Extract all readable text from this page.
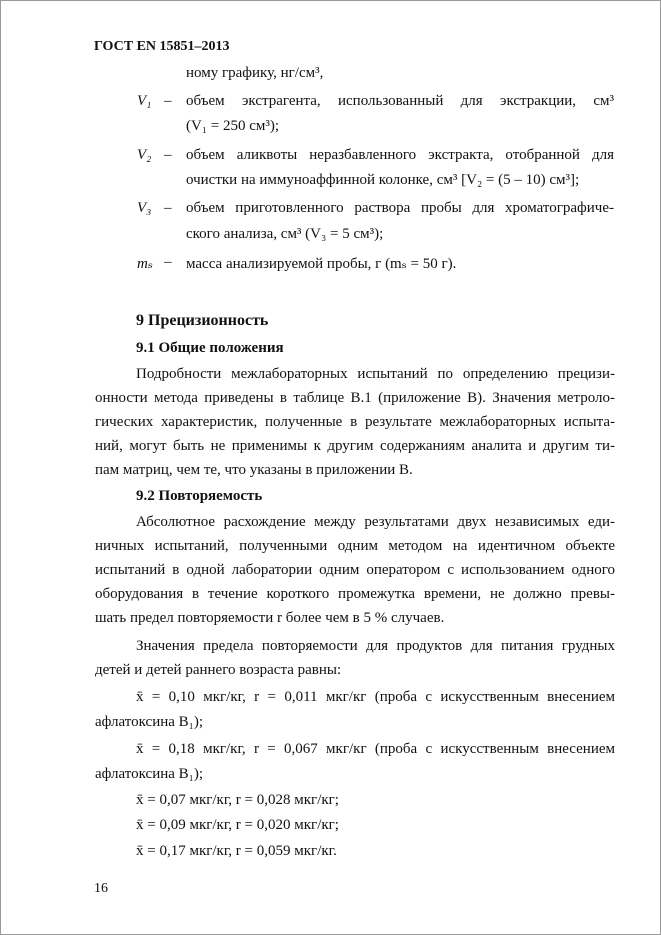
ГОСТ EN 15851–2013
ному графику, нг/см³,
V₁ – объем экстрагента, использованный для экстракции, см³
(V₁ = 250 см³);
V₂ – объем аликвоты неразбавленного экстракта, отобранной для
очистки на иммуноаффинной колонке, см³ [V₂ = (5 – 10) см³];
V₃ – объем приготовленного раствора пробы для хроматографиче-
ского анализа, см³ (V₃ = 5 см³);
mₛ – масса анализируемой пробы, г (mₛ = 50 г).
9 Прецизионность
9.1 Общие положения
Подробности межлабораторных испытаний по определению прецизи-
онности метода приведены в таблице В.1 (приложение В). Значения метроло-
гических характеристик, полученные в результате межлабораторных испыта-
ний, могут быть не применимы к другим содержаниям аналита и другим ти-
пам матриц, чем те, что указаны в приложении В.
9.2 Повторяемость
Абсолютное расхождение между результатами двух независимых еди-
ничных испытаний, полученными одним методом на идентичном объекте
испытаний в одной лаборатории одним оператором с использованием одного
оборудования в течение короткого промежутка времени, не должно превы-
шать предел повторяемости r более чем в 5 % случаев.
Значения предела повторяемости для продуктов для питания грудных
детей и детей раннего возраста равны:
x̄ = 0,10 мкг/кг, r = 0,011 мкг/кг (проба с искусственным внесением
афлатоксина B₁);
x̄ = 0,18 мкг/кг, r = 0,067 мкг/кг (проба с искусственным внесением
афлатоксина B₁);
x̄ = 0,07 мкг/кг, r = 0,028 мкг/кг;
x̄ = 0,09 мкг/кг, r = 0,020 мкг/кг;
x̄ = 0,17 мкг/кг, r = 0,059 мкг/кг.
16
